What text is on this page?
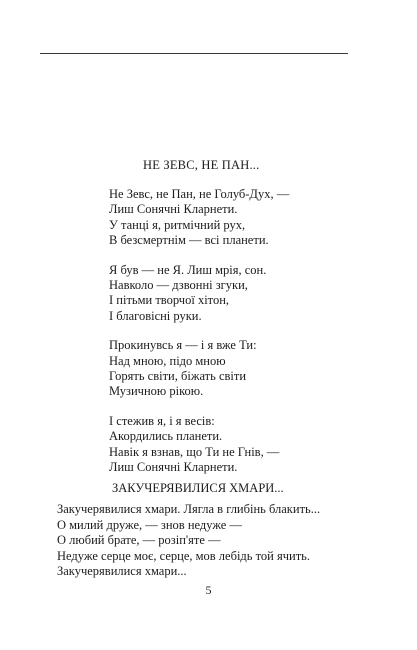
НЕ ЗЕВС, НЕ ПАН...
Не Зевс, не Пан, не Голуб-Дух, —
Лиш Сонячні Кларнети.
У танці я, ритмічний рух,
В безсмертнім — всі планети.
Я був — не Я. Лиш мрія, сон.
Навколо — дзвонні згуки,
І пітьми творчої хітон,
І благовісні руки.
Прокинувсь я — і я вже Ти:
Над мною, підо мною
Горять світи, біжать світи
Музичною рікою.
І стежив я, і я весів:
Акордились планети.
Навік я взнав, що Ти не Гнів, —
Лиш Сонячні Кларнети.
ЗАКУЧЕРЯВИЛИСЯ ХМАРИ...
Закучерявилися хмари. Лягла в глибінь блакить...
О милий друже, — знов недуже —
О любий брате, — розіп'яте —
Недуже серце моє, серце, мов лебідь той ячить.
Закучерявилися хмари...
5
